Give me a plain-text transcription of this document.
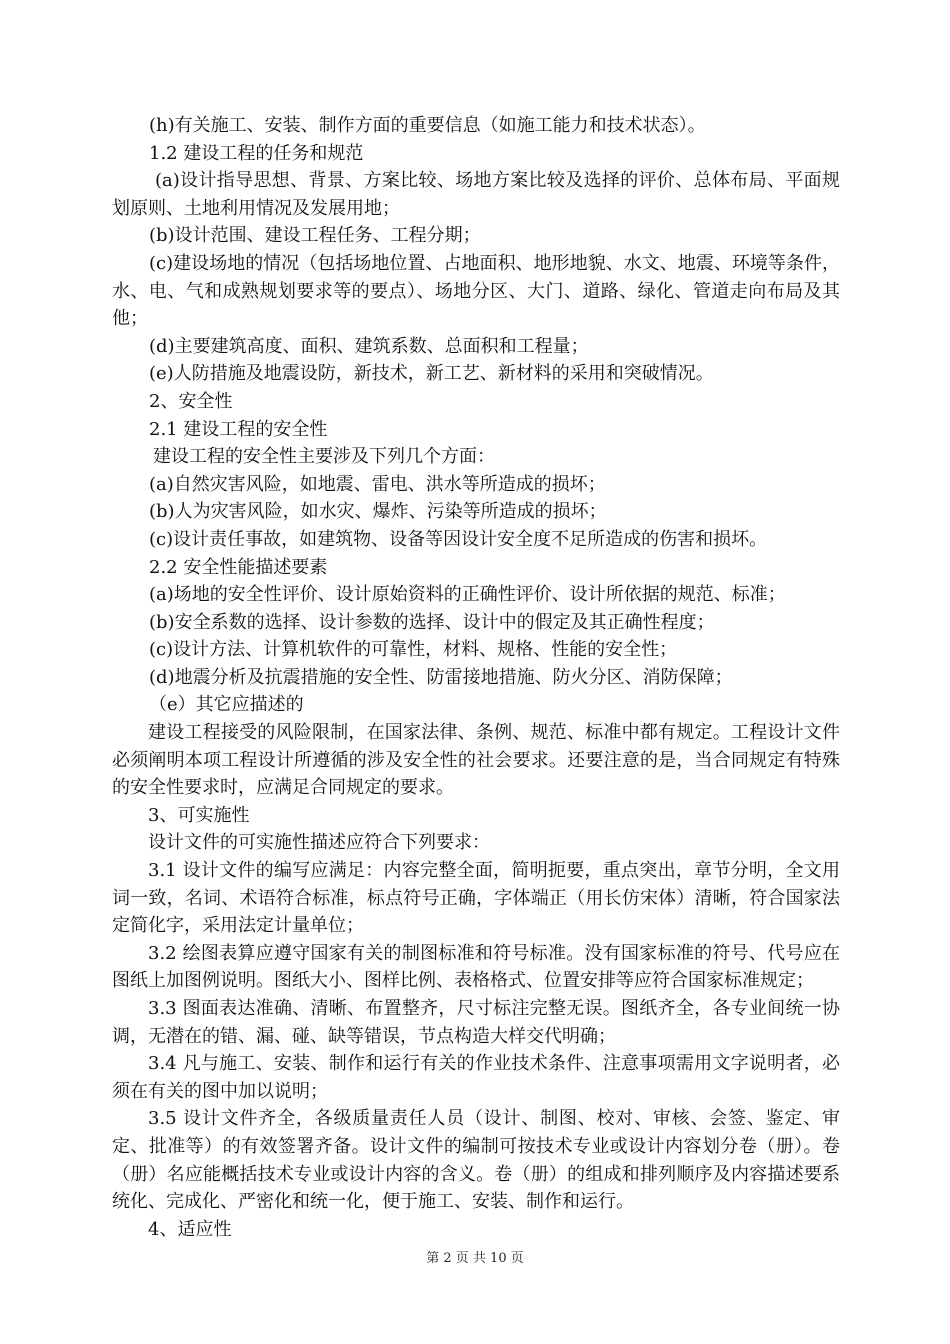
(h)有关施工、安装、制作方面的重要信息（如施工能力和技术状态）。

1.2 建设工程的任务和规范

(a)设计指导思想、背景、方案比较、场地方案比较及选择的评价、总体布局、平面规划原则、土地利用情况及发展用地；

(b)设计范围、建设工程任务、工程分期；

(c)建设场地的情况（包括场地位置、占地面积、地形地貌、水文、地震、环境等条件，水、电、气和成熟规划要求等的要点）、场地分区、大门、道路、绿化、管道走向布局及其他；

(d)主要建筑高度、面积、建筑系数、总面积和工程量；

(e)人防措施及地震设防，新技术，新工艺、新材料的采用和突破情况。

2、安全性

2.1 建设工程的安全性

建设工程的安全性主要涉及下列几个方面：

(a)自然灾害风险，如地震、雷电、洪水等所造成的损坏；

(b)人为灾害风险，如水灾、爆炸、污染等所造成的损坏；

(c)设计责任事故，如建筑物、设备等因设计安全度不足所造成的伤害和损坏。

2.2 安全性能描述要素

(a)场地的安全性评价、设计原始资料的正确性评价、设计所依据的规范、标准；

(b)安全系数的选择、设计参数的选择、设计中的假定及其正确性程度；

(c)设计方法、计算机软件的可靠性，材料、规格、性能的安全性；

(d)地震分析及抗震措施的安全性、防雷接地措施、防火分区、消防保障；

（e）其它应描述的

建设工程接受的风险限制，在国家法律、条例、规范、标准中都有规定。工程设计文件必须阐明本项工程设计所遵循的涉及安全性的社会要求。还要注意的是，当合同规定有特殊的安全性要求时，应满足合同规定的要求。

3、可实施性

设计文件的可实施性描述应符合下列要求：

3.1 设计文件的编写应满足：内容完整全面，简明扼要，重点突出，章节分明，全文用词一致，名词、术语符合标准，标点符号正确，字体端正（用长仿宋体）清晰，符合国家法定简化字，采用法定计量单位；

3.2 绘图表算应遵守国家有关的制图标准和符号标准。没有国家标准的符号、代号应在图纸上加图例说明。图纸大小、图样比例、表格格式、位置安排等应符合国家标准规定；

3.3 图面表达准确、清晰、布置整齐，尺寸标注完整无误。图纸齐全，各专业间统一协调，无潜在的错、漏、碰、缺等错误，节点构造大样交代明确；

3.4 凡与施工、安装、制作和运行有关的作业技术条件、注意事项需用文字说明者，必须在有关的图中加以说明；

3.5 设计文件齐全，各级质量责任人员（设计、制图、校对、审核、会签、鉴定、审定、批准等）的有效签署齐备。设计文件的编制可按技术专业或设计内容划分卷（册）。卷（册）名应能概括技术专业或设计内容的含义。卷（册）的组成和排列顺序及内容描述要系统化、完成化、严密化和统一化，便于施工、安装、制作和运行。

4、适应性

第 2 页 共 10 页
